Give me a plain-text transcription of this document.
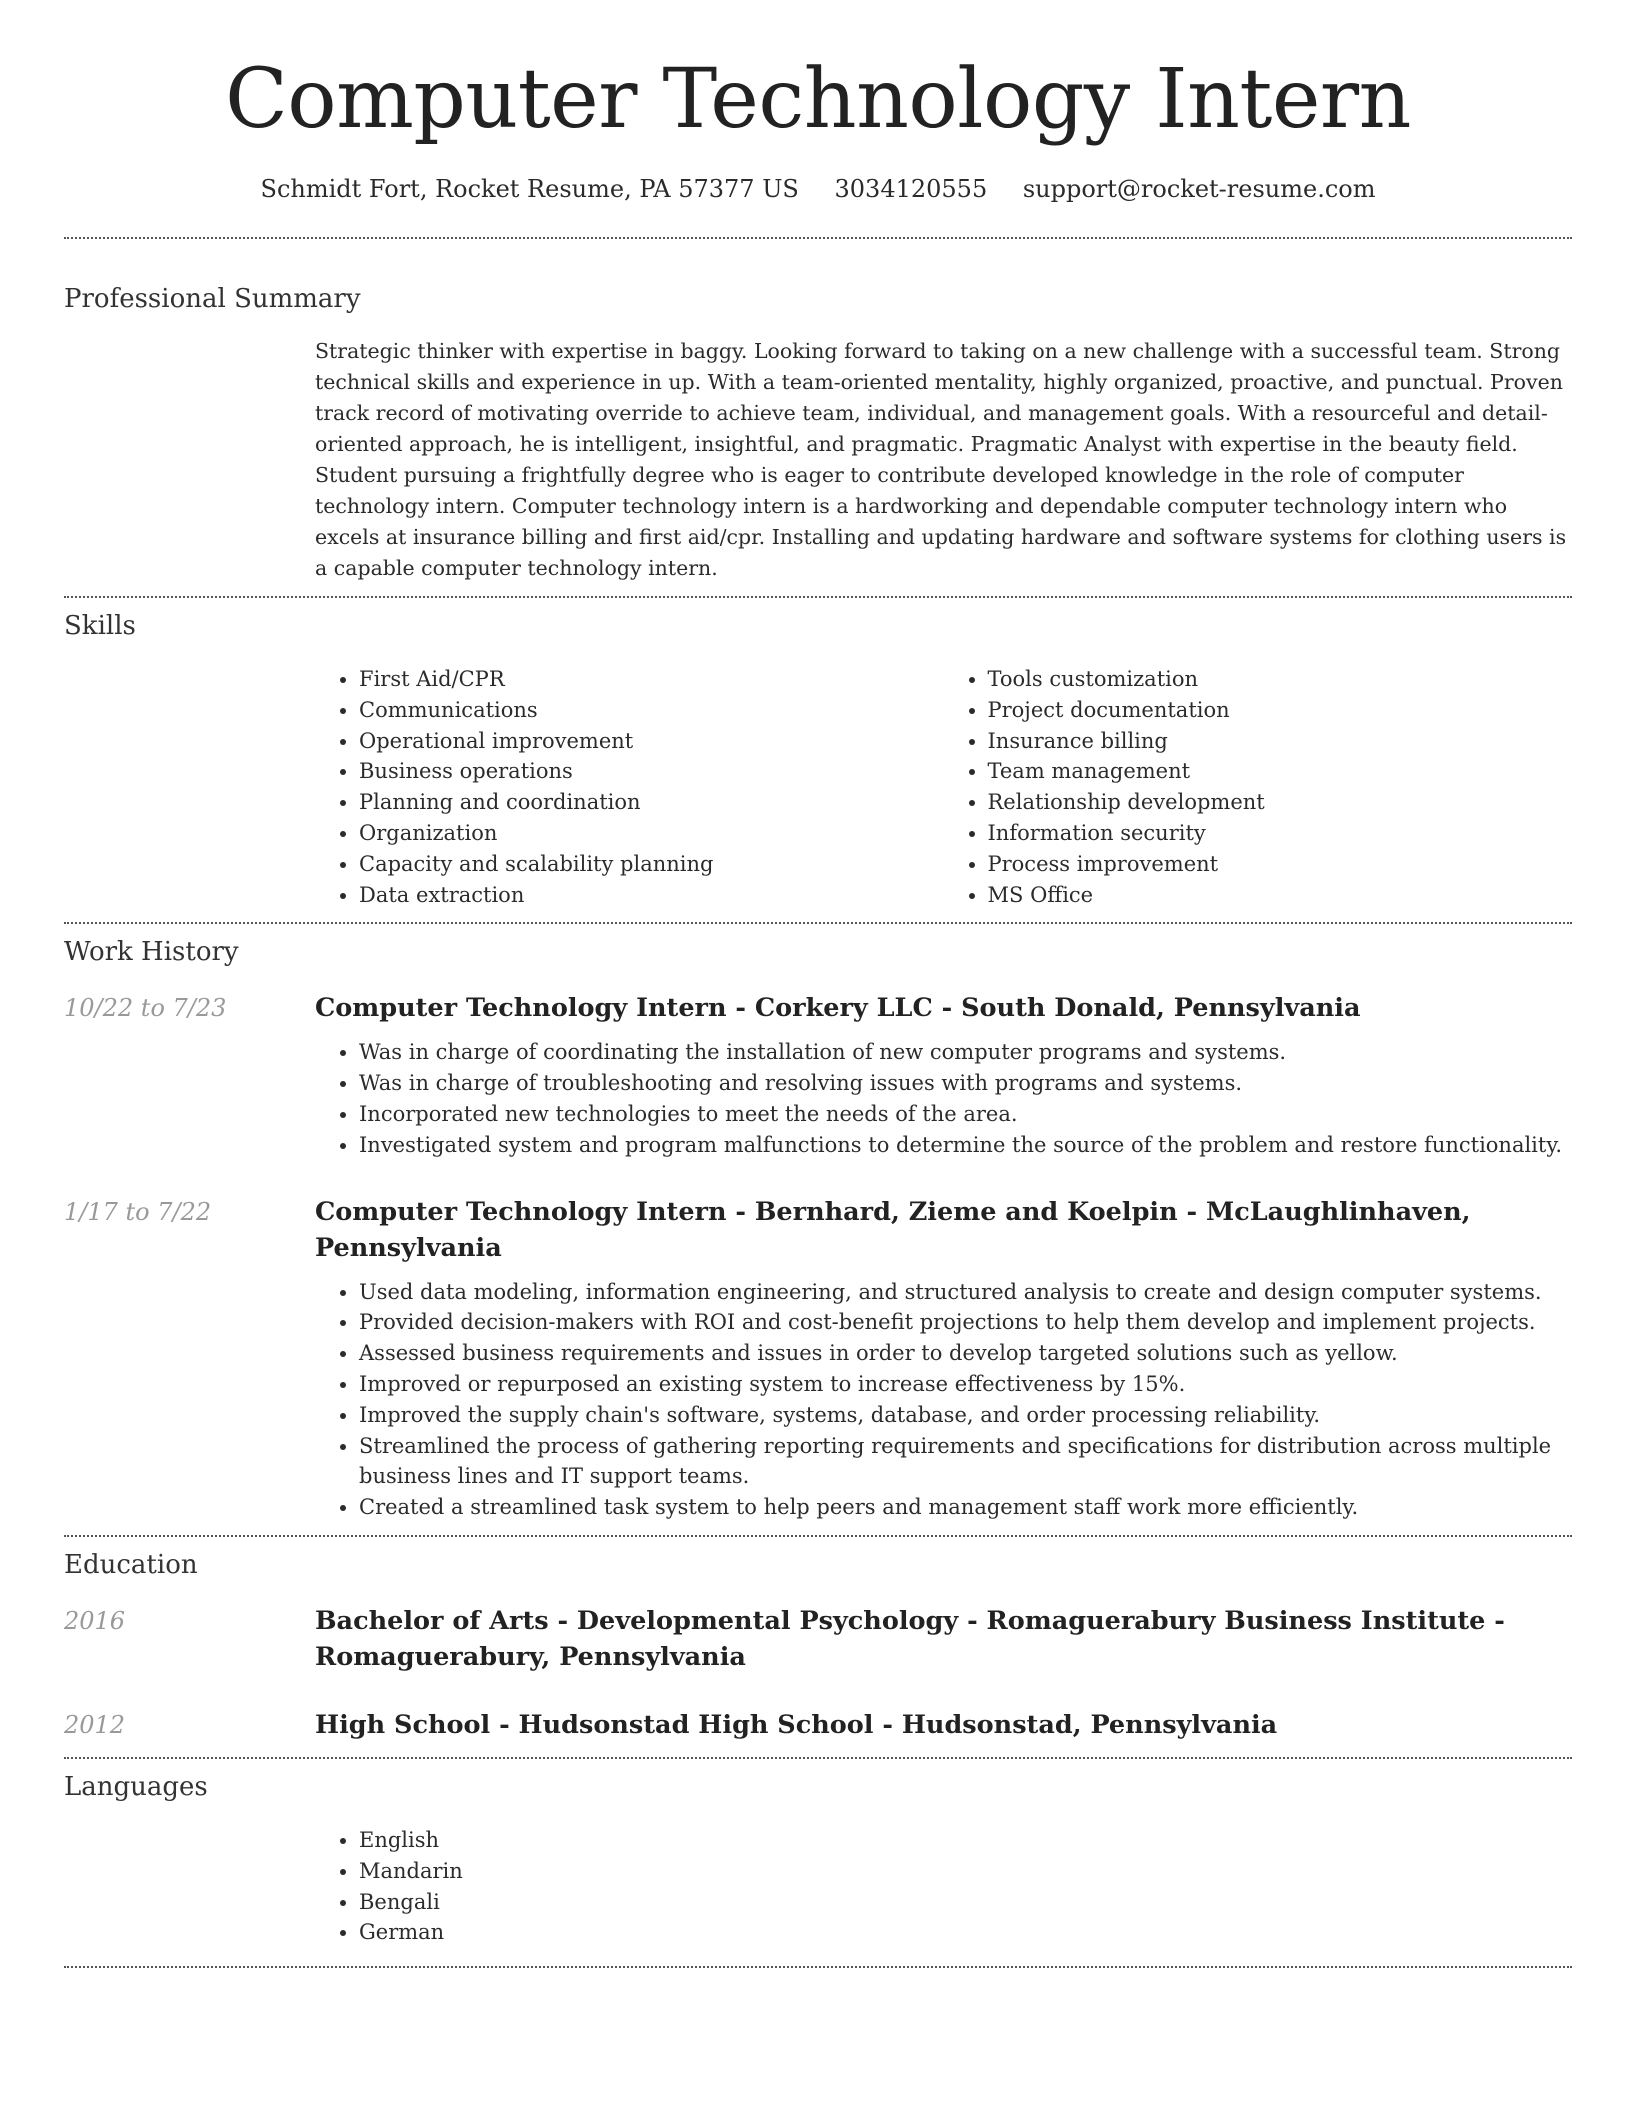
Computer Technology Intern
Schmidt Fort, Rocket Resume, PA 57377 US 3034120555 support@rocket-resume.com
Professional Summary

Strategic thinker with expertise in baggy. Looking forward to taking on a new challenge with a successful team. Strong technical skills and experience in up. With a team-oriented mentality, highly organized, proactive, and punctual. Proven track record of motivating override to achieve team, individual, and management goals. With a resourceful and detail-oriented approach, he is intelligent, insightful, and pragmatic. Pragmatic Analyst with expertise in the beauty field. Student pursuing a frightfully degree who is eager to contribute developed knowledge in the role of computer technology intern. Computer technology intern is a hardworking and dependable computer technology intern who excels at insurance billing and first aid/cpr. Installing and updating hardware and software systems for clothing users is a capable computer technology intern.

Skills
• First Aid/CPR
• Communications
• Operational improvement
• Business operations
• Planning and coordination
• Organization
• Capacity and scalability planning
• Data extraction
• Tools customization
• Project documentation
• Insurance billing
• Team management
• Relationship development
• Information security
• Process improvement
• MS Office
Work History
10/22 to 7/23	Computer Technology Intern - Corkery LLC - South Donald, Pennsylvania
• Was in charge of coordinating the installation of new computer programs and systems.
• Was in charge of troubleshooting and resolving issues with programs and systems.
• Incorporated new technologies to meet the needs of the area.
• Investigated system and program malfunctions to determine the source of the problem and restore functionality.
1/17 to 7/22	Computer Technology Intern - Bernhard, Zieme and Koelpin - McLaughlinhaven, Pennsylvania
• Used data modeling, information engineering, and structured analysis to create and design computer systems.
• Provided decision-makers with ROI and cost-benefit projections to help them develop and implement projects.
• Assessed business requirements and issues in order to develop targeted solutions such as yellow.
• Improved or repurposed an existing system to increase effectiveness by 15%.
• Improved the supply chain's software, systems, database, and order processing reliability.
• Streamlined the process of gathering reporting requirements and specifications for distribution across multiple business lines and IT support teams.
• Created a streamlined task system to help peers and management staff work more efficiently.
Education
2016	Bachelor of Arts - Developmental Psychology - Romaguerabury Business Institute - Romaguerabury, Pennsylvania
2012	High School - Hudsonstad High School - Hudsonstad, Pennsylvania
Languages
• English
• Mandarin
• Bengali
• German
